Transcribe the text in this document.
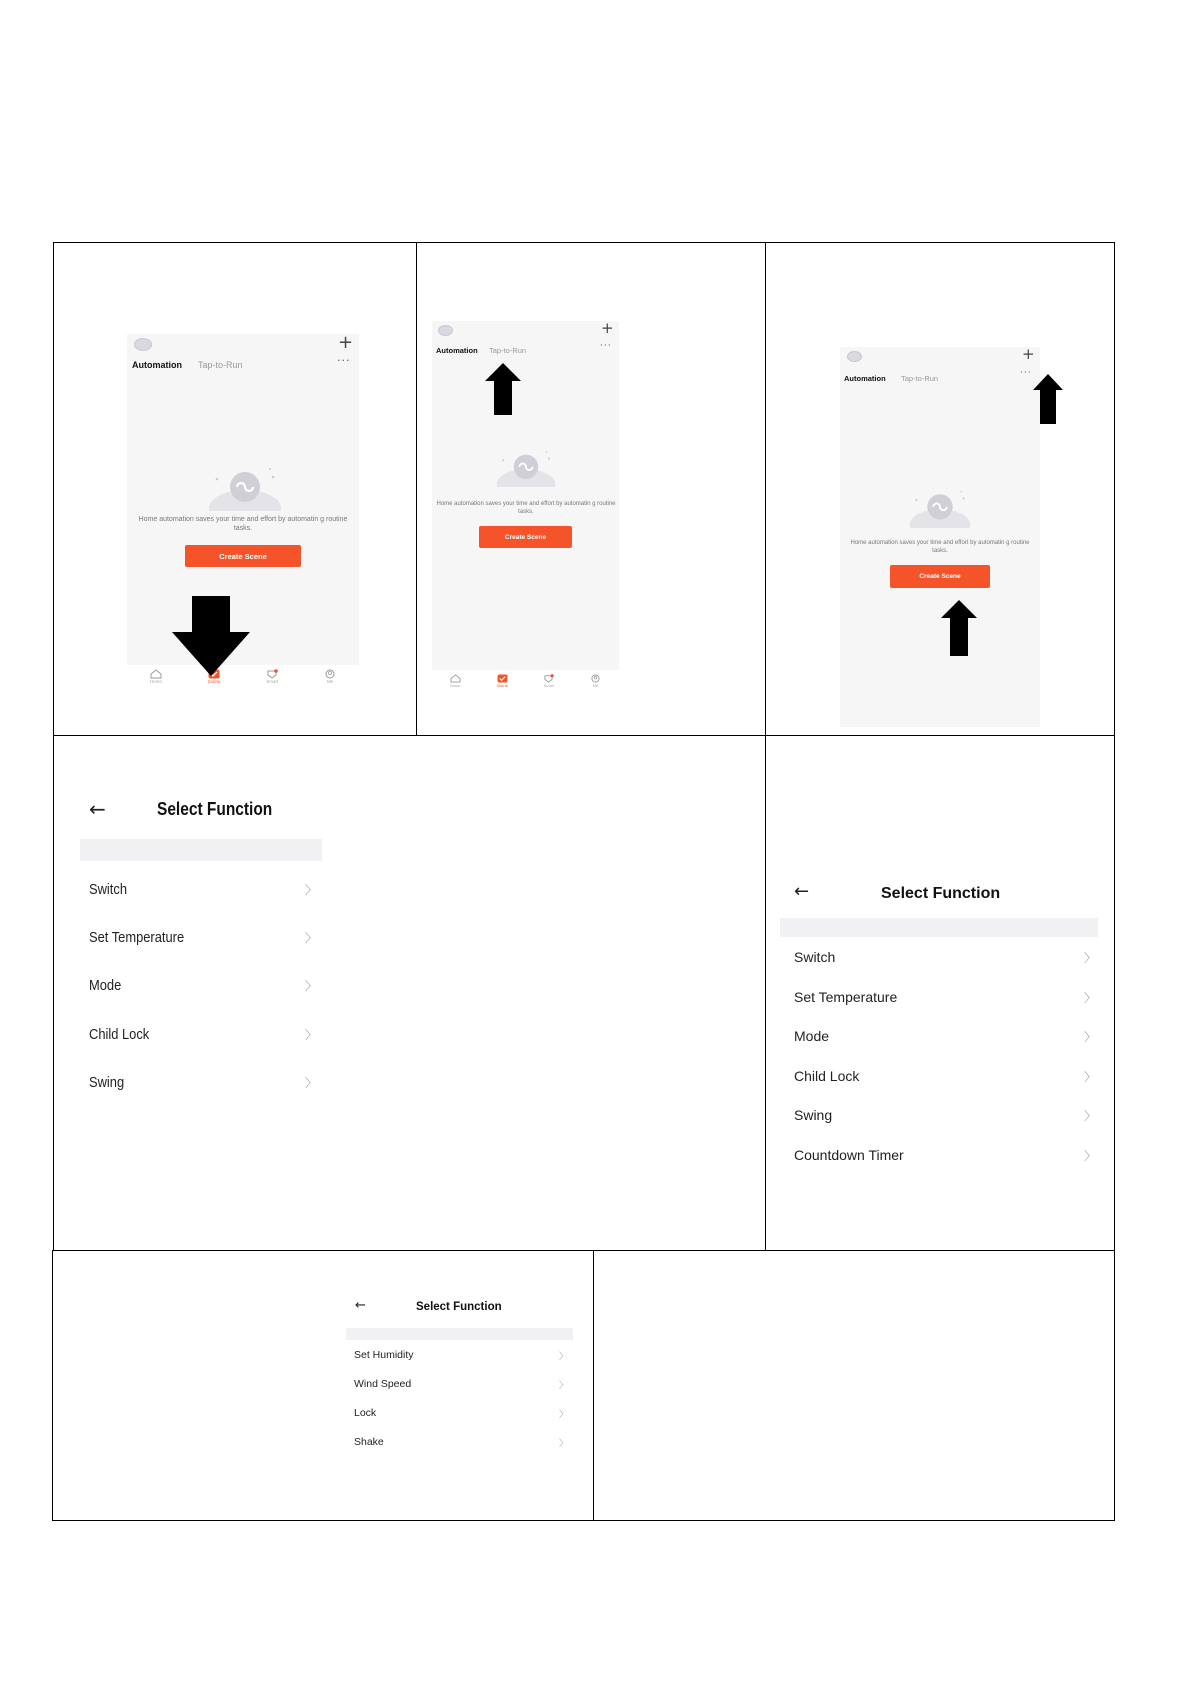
+
Automation Tap-to-Run	···
Home automation saves your time and effort by automatin g routine tasks.
Create Scene
Home	Scene	Smart	Me
+
Automation Tap-to-Run	···
Home automation saves your time and effort by automatin g routine tasks.
Create Scene
Home	Scene	Smart	Me
+
Automation Tap-to-Run
···
Home automation saves your time and effort by automatin g routine tasks.
Create Scene
←	Select Function
Switch	〉
Set Temperature	〉
Mode	〉
Child Lock	〉
Swing	〉
←	Select Function
Switch	〉
Set Temperature	〉
Mode	〉
Child Lock	〉
Swing	〉
Countdown Timer	〉
←	Select Function
Set Humidity	〉
Wind Speed	〉
Lock	〉
Shake	〉
